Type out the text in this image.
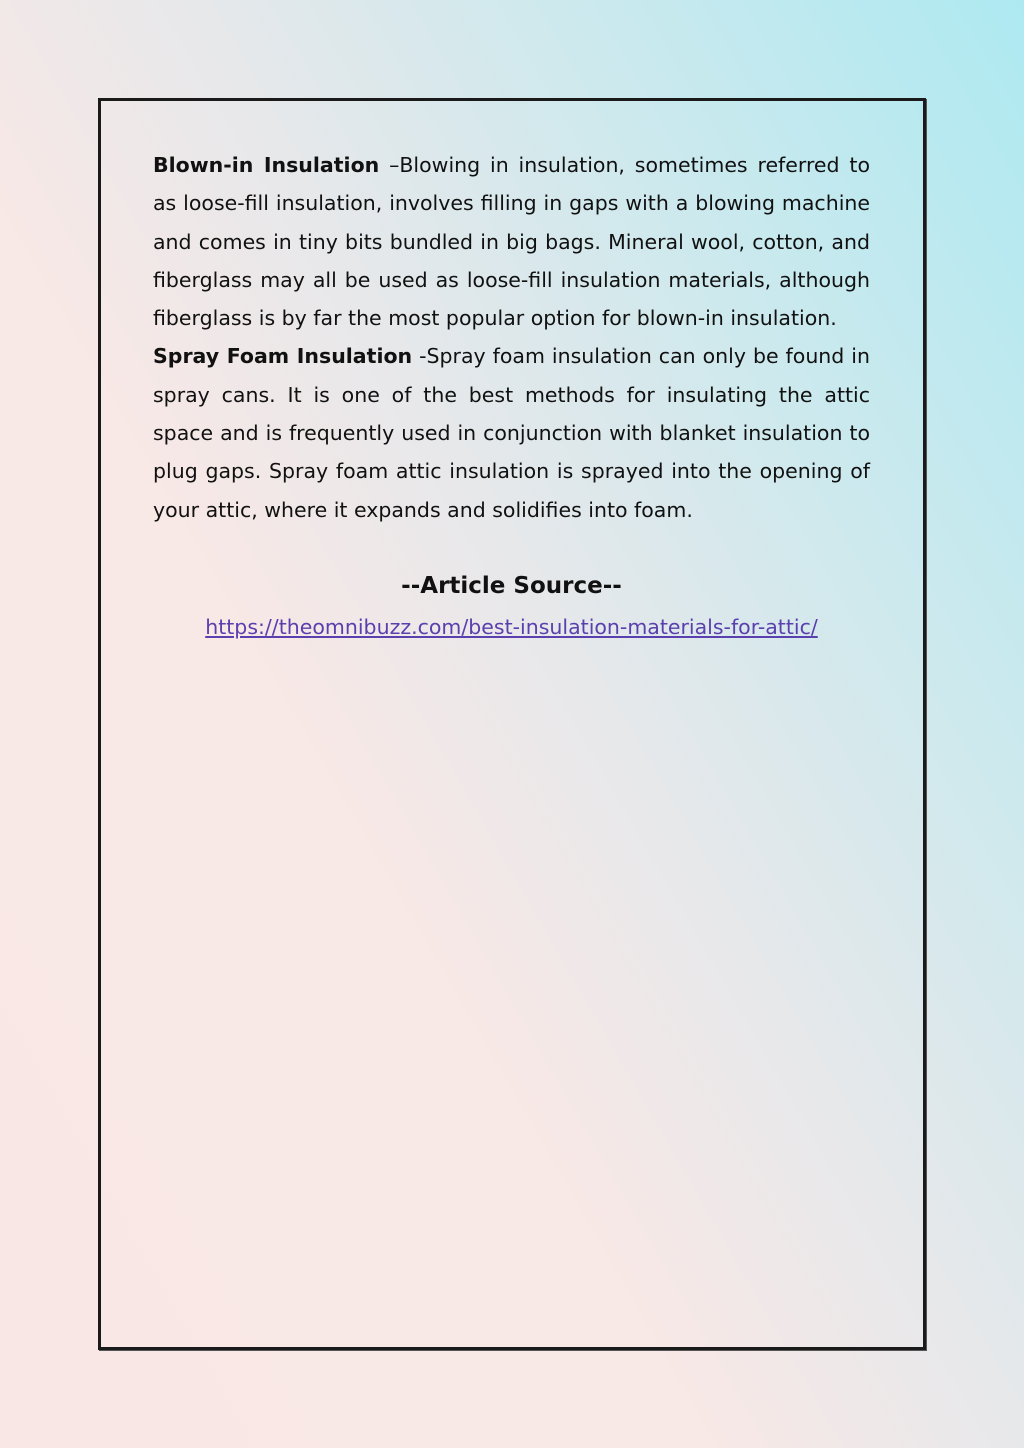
Blown-in Insulation –Blowing in insulation, sometimes referred to as loose-fill insulation, involves filling in gaps with a blowing machine and comes in tiny bits bundled in big bags. Mineral wool, cotton, and fiberglass may all be used as loose-fill insulation materials, although fiberglass is by far the most popular option for blown-in insulation.

Spray Foam Insulation -Spray foam insulation can only be found in spray cans. It is one of the best methods for insulating the attic space and is frequently used in conjunction with blanket insulation to plug gaps. Spray foam attic insulation is sprayed into the opening of your attic, where it expands and solidifies into foam.

--Article Source--
https://theomnibuzz.com/best-insulation-materials-for-attic/
